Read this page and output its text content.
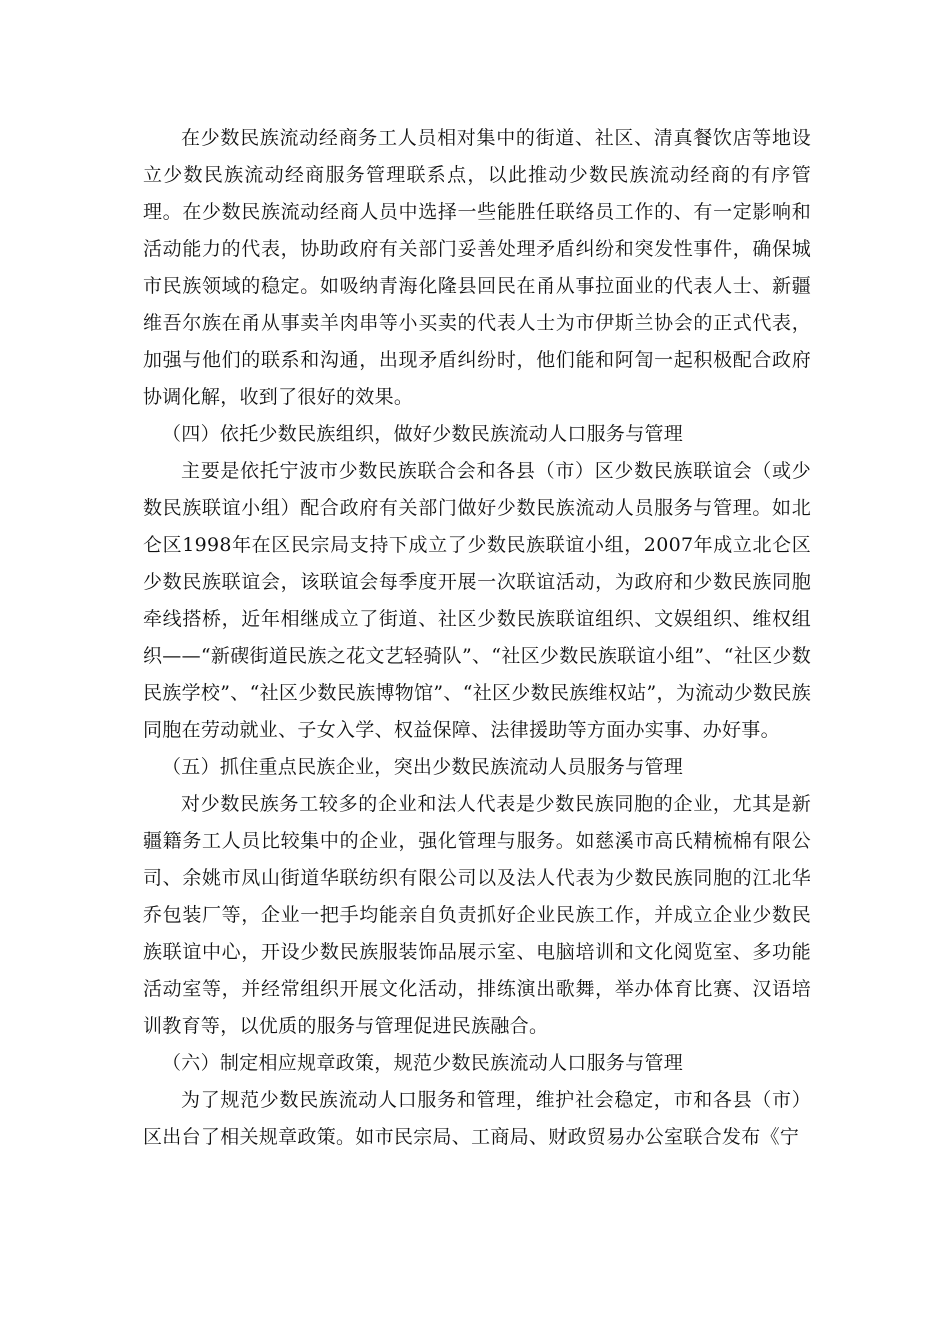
在少数民族流动经商务工人员相对集中的街道、社区、清真餐饮店等地设立少数民族流动经商服务管理联系点，以此推动少数民族流动经商的有序管理。在少数民族流动经商人员中选择一些能胜任联络员工作的、有一定影响和活动能力的代表，协助政府有关部门妥善处理矛盾纠纷和突发性事件，确保城市民族领域的稳定。如吸纳青海化隆县回民在甬从事拉面业的代表人士、新疆维吾尔族在甬从事卖羊肉串等小买卖的代表人士为市伊斯兰协会的正式代表，加强与他们的联系和沟通，出现矛盾纠纷时，他们能和阿訇一起积极配合政府协调化解，收到了很好的效果。

（四）依托少数民族组织，做好少数民族流动人口服务与管理

主要是依托宁波市少数民族联合会和各县（市）区少数民族联谊会（或少数民族联谊小组）配合政府有关部门做好少数民族流动人员服务与管理。如北仑区1998年在区民宗局支持下成立了少数民族联谊小组，2007年成立北仑区少数民族联谊会，该联谊会每季度开展一次联谊活动，为政府和少数民族同胞牵线搭桥，近年相继成立了街道、社区少数民族联谊组织、文娱组织、维权组织——“新碶街道民族之花文艺轻骑队”、“社区少数民族联谊小组”、“社区少数民族学校”、“社区少数民族博物馆”、“社区少数民族维权站”，为流动少数民族同胞在劳动就业、子女入学、权益保障、法律援助等方面办实事、办好事。

（五）抓住重点民族企业，突出少数民族流动人员服务与管理

对少数民族务工较多的企业和法人代表是少数民族同胞的企业，尤其是新疆籍务工人员比较集中的企业，强化管理与服务。如慈溪市高氏精梳棉有限公司、余姚市凤山街道华联纺织有限公司以及法人代表为少数民族同胞的江北华乔包装厂等，企业一把手均能亲自负责抓好企业民族工作，并成立企业少数民族联谊中心，开设少数民族服装饰品展示室、电脑培训和文化阅览室、多功能活动室等，并经常组织开展文化活动，排练演出歌舞，举办体育比赛、汉语培训教育等，以优质的服务与管理促进民族融合。

（六）制定相应规章政策，规范少数民族流动人口服务与管理

为了规范少数民族流动人口服务和管理，维护社会稳定，市和各县（市）区出台了相关规章政策。如市民宗局、工商局、财政贸易办公室联合发布《宁
